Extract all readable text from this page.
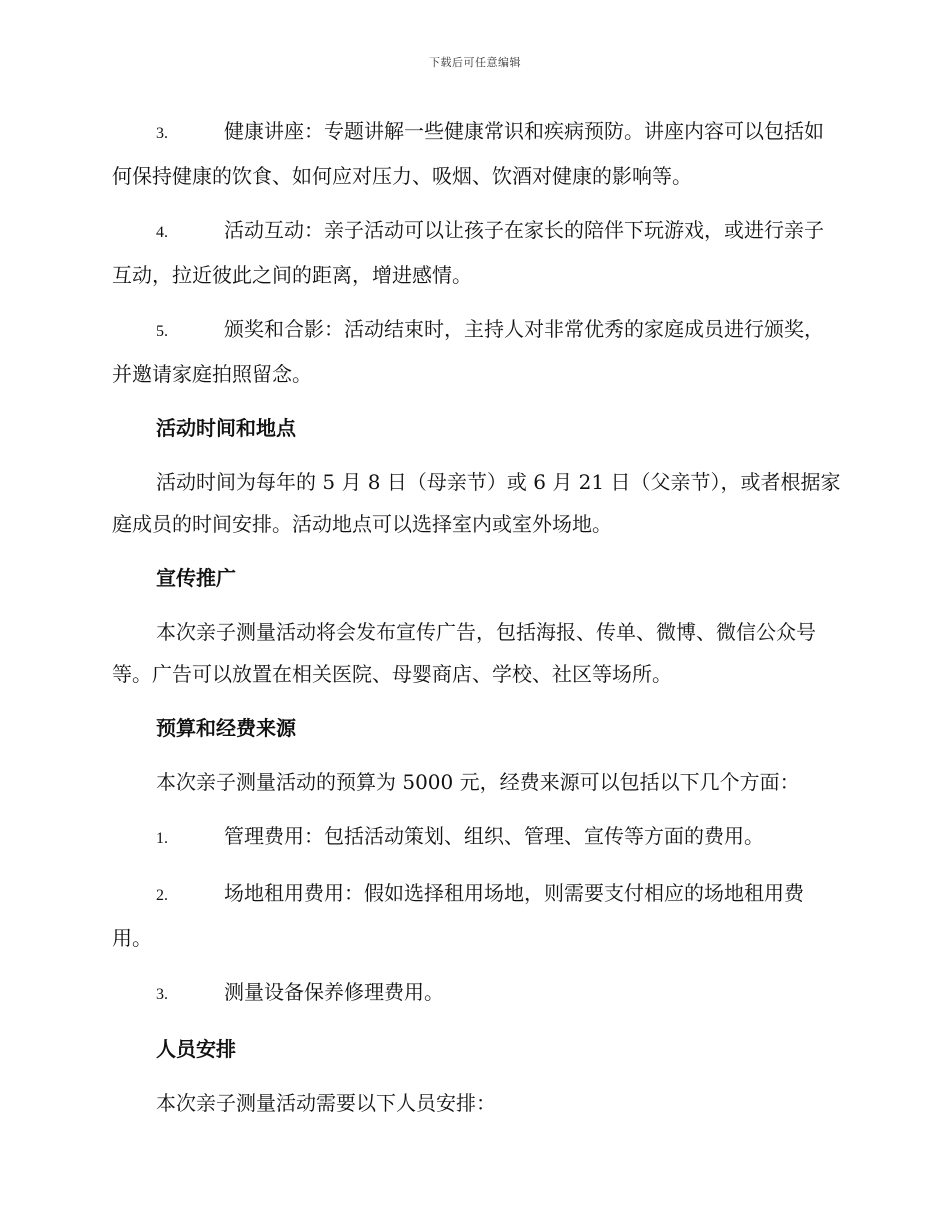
下载后可任意编辑

3.	健康讲座：专题讲解一些健康常识和疾病预防。讲座内容可以包括如何保持健康的饮食、如何应对压力、吸烟、饮酒对健康的影响等。

4.	活动互动：亲子活动可以让孩子在家长的陪伴下玩游戏，或进行亲子互动，拉近彼此之间的距离，增进感情。

5.	颁奖和合影：活动结束时，主持人对非常优秀的家庭成员进行颁奖，并邀请家庭拍照留念。

活动时间和地点

活动时间为每年的 5 月 8 日（母亲节）或 6 月 21 日（父亲节），或者根据家庭成员的时间安排。活动地点可以选择室内或室外场地。

宣传推广

本次亲子测量活动将会发布宣传广告，包括海报、传单、微博、微信公众号等。广告可以放置在相关医院、母婴商店、学校、社区等场所。

预算和经费来源

本次亲子测量活动的预算为 5000 元，经费来源可以包括以下几个方面：

1.	管理费用：包括活动策划、组织、管理、宣传等方面的费用。

2.	场地租用费用：假如选择租用场地，则需要支付相应的场地租用费用。

3.	测量设备保养修理费用。

人员安排

本次亲子测量活动需要以下人员安排：
